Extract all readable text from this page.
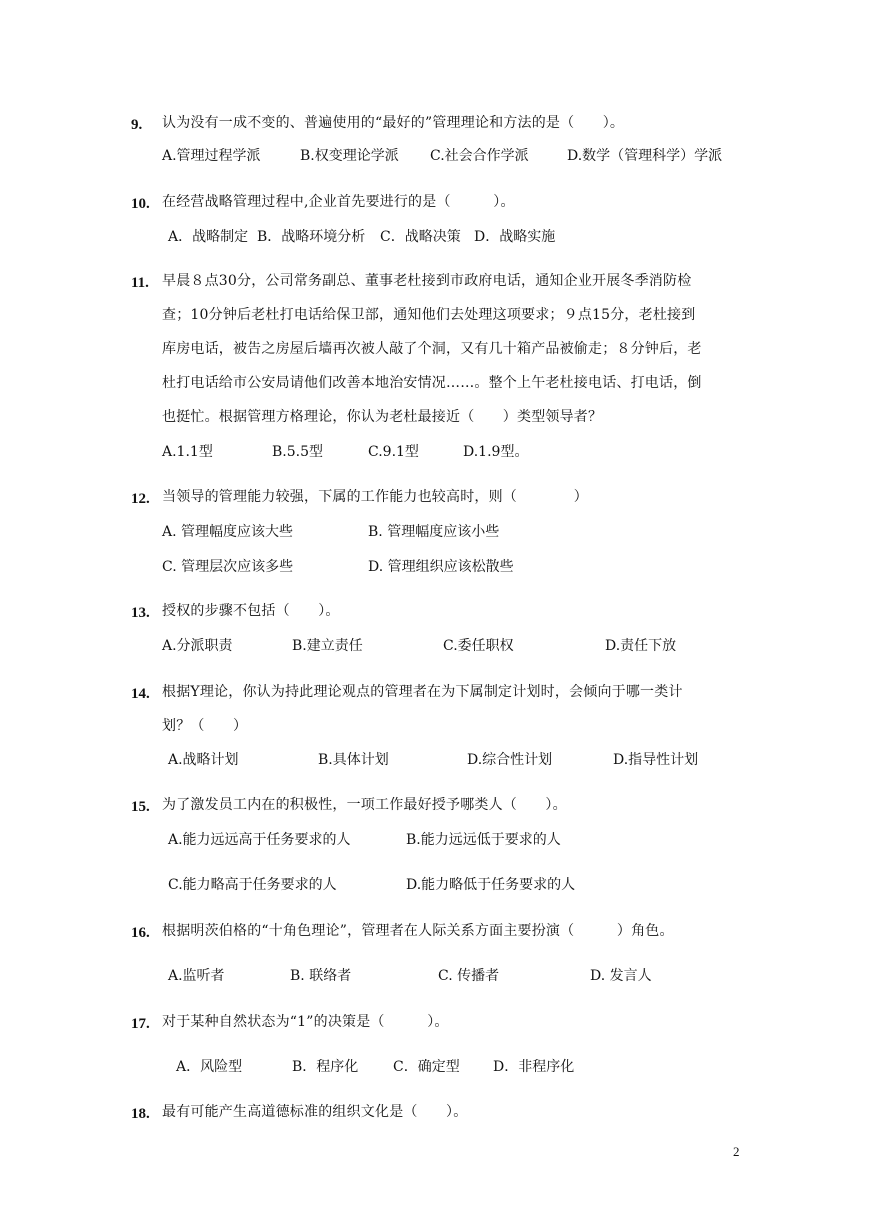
9.	认为没有一成不变的、普遍使用的“最好的”管理理论和方法的是（　　）。
A.管理过程学派	B.权变理论学派 C.社会合作学派	D.数学（管理科学）学派
10. 在经营战略管理过程中,企业首先要进行的是（　　　）。
A．战略制定 B．战略环境分析 C．战略决策 D．战略实施
11. 早晨８点30分，公司常务副总、董事老杜接到市政府电话，通知企业开展冬季消防检
查；10分钟后老杜打电话给保卫部，通知他们去处理这项要求；９点15分，老杜接到
库房电话，被告之房屋后墙再次被人敲了个洞，又有几十箱产品被偷走；８分钟后，老
杜打电话给市公安局请他们改善本地治安情况……。整个上午老杜接电话、打电话，倒
也挺忙。根据管理方格理论，你认为老杜最接近（　　）类型领导者？
A.1.1型	B.5.5型	C.9.1型	D.1.9型。
12. 当领导的管理能力较强，下属的工作能力也较高时，则（　　　　）
A. 管理幅度应该大些	B. 管理幅度应该小些
C. 管理层次应该多些	D. 管理组织应该松散些
13. 授权的步骤不包括（　　）。
A.分派职责	B.建立责任	C.委任职权	D.责任下放
14. 根据Y理论，你认为持此理论观点的管理者在为下属制定计划时，会倾向于哪一类计
划？（　　）
A.战略计划	B.具体计划	D.综合性计划	D.指导性计划
15. 为了激发员工内在的积极性，一项工作最好授予哪类人（　　）。
A.能力远远高于任务要求的人	B.能力远远低于要求的人
C.能力略高于任务要求的人	D.能力略低于任务要求的人
16. 根据明茨伯格的“十角色理论”，管理者在人际关系方面主要扮演（　　　）角色。
A.监听者	B. 联络者	C. 传播者	D. 发言人
17. 对于某种自然状态为“1”的决策是（　　　）。
A．风险型	B．程序化 C．确定型 D．非程序化
18. 最有可能产生高道德标准的组织文化是（　　）。
2
